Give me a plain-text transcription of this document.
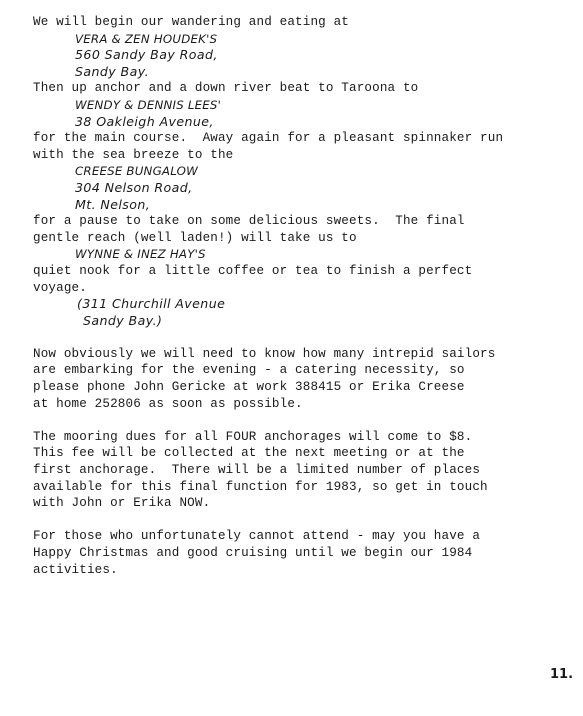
We will begin our wandering and eating at
VERA & ZEN HOUDEK'S
560 Sandy Bay Road,
Sandy Bay.
Then up anchor and a down river beat to Taroona to
WENDY & DENNIS LEES'
38 Oakleigh Avenue,
for the main course.  Away again for a pleasant spinnaker run
with the sea breeze to the
CREESE BUNGALOW
304 Nelson Road,
Mt. Nelson,
for a pause to take on some delicious sweets.  The final
gentle reach (well laden!) will take us to
WYNNE & INEZ HAY'S
quiet nook for a little coffee or tea to finish a perfect
voyage.
(311 Churchill Avenue
Sandy Bay.)
Now obviously we will need to know how many intrepid sailors
are embarking for the evening - a catering necessity, so
please phone John Gericke at work 388415 or Erika Creese
at home 252806 as soon as possible.
The mooring dues for all FOUR anchorages will come to $8.
This fee will be collected at the next meeting or at the
first anchorage.  There will be a limited number of places
available for this final function for 1983, so get in touch
with John or Erika NOW.
For those who unfortunately cannot attend - may you have a
Happy Christmas and good cruising until we begin our 1984
activities.
11.
